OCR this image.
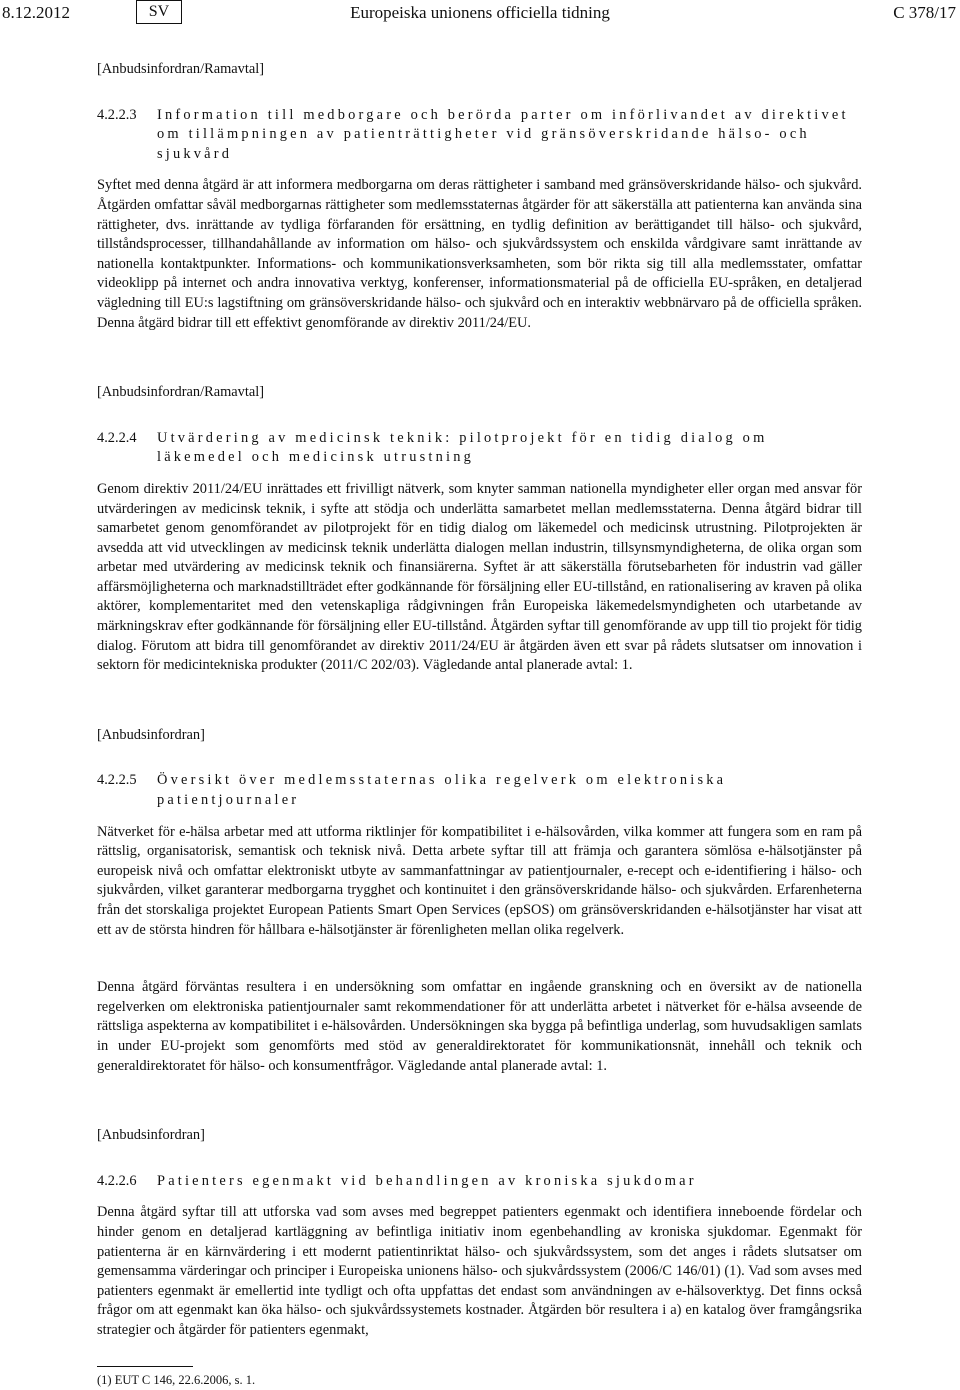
8.12.2012	SV	Europeiska unionens officiella tidning	C 378/17

[Anbudsinfordran/Ramavtal]

4.2.2.3	Information till medborgare och berörda parter om införlivandet av direktivet om tillämpningen av patienträttigheter vid gränsöverskridande hälso- och sjukvård

Syftet med denna åtgärd är att informera medborgarna om deras rättigheter i samband med gränsöverskridande hälso- och sjukvård. Åtgärden omfattar såväl medborgarnas rättigheter som medlemsstaternas åtgärder för att säkerställa att patienterna kan använda sina rättigheter, dvs. inrättande av tydliga förfaranden för ersättning, en tydlig definition av berättigandet till hälso- och sjukvård, tillståndsprocesser, tillhandahållande av information om hälso- och sjukvårdssystem och enskilda vårdgivare samt inrättande av nationella kontaktpunkter. Informations- och kommunikationsverksamheten, som bör rikta sig till alla medlemsstater, omfattar videoklipp på internet och andra innovativa verktyg, konferenser, informationsmaterial på de officiella EU-språken, en detaljerad vägledning till EU:s lagstiftning om gränsöverskridande hälso- och sjukvård och en interaktiv webbnärvaro på de officiella språken. Denna åtgärd bidrar till ett effektivt genomförande av direktiv 2011/24/EU.

[Anbudsinfordran/Ramavtal]

4.2.2.4	Utvärdering av medicinsk teknik: pilotprojekt för en tidig dialog om läkemedel och medicinsk utrustning

Genom direktiv 2011/24/EU inrättades ett frivilligt nätverk, som knyter samman nationella myndigheter eller organ med ansvar för utvärderingen av medicinsk teknik, i syfte att stödja och underlätta samarbetet mellan medlemsstaterna. Denna åtgärd bidrar till samarbetet genom genomförandet av pilotprojekt för en tidig dialog om läkemedel och medicinsk utrustning. Pilotprojekten är avsedda att vid utvecklingen av medicinsk teknik underlätta dialogen mellan industrin, tillsynsmyndigheterna, de olika organ som arbetar med utvärdering av medicinsk teknik och finansiärerna. Syftet är att säkerställa förutsebarheten för industrin vad gäller affärsmöjligheterna och marknadstillträdet efter godkännande för försäljning eller EU-tillstånd, en rationalisering av kraven på olika aktörer, komplementaritet med den vetenskapliga rådgivningen från Europeiska läkemedelsmyndigheten och utarbetande av märkningskrav efter godkännande för försäljning eller EU-tillstånd. Åtgärden syftar till genomförande av upp till tio projekt för tidig dialog. Förutom att bidra till genomförandet av direktiv 2011/24/EU är åtgärden även ett svar på rådets slutsatser om innovation i sektorn för medicintekniska produkter (2011/C 202/03). Vägledande antal planerade avtal: 1.

[Anbudsinfordran]

4.2.2.5	Översikt över medlemsstaternas olika regelverk om elektroniska patientjournaler

Nätverket för e-hälsa arbetar med att utforma riktlinjer för kompatibilitet i e-hälsovården, vilka kommer att fungera som en ram på rättslig, organisatorisk, semantisk och teknisk nivå. Detta arbete syftar till att främja och garantera sömlösa e-hälsotjänster på europeisk nivå och omfattar elektroniskt utbyte av sammanfattningar av patientjournaler, e-recept och e-identifiering i hälso- och sjukvården, vilket garanterar medborgarna trygghet och kontinuitet i den gränsöverskridande hälso- och sjukvården. Erfarenheterna från det storskaliga projektet European Patients Smart Open Services (epSOS) om gränsöverskridanden e-hälsotjänster har visat att ett av de största hindren för hållbara e-hälsotjänster är förenligheten mellan olika regelverk.

Denna åtgärd förväntas resultera i en undersökning som omfattar en ingående granskning och en översikt av de nationella regelverken om elektroniska patientjournaler samt rekommendationer för att underlätta arbetet i nätverket för e-hälsa avseende de rättsliga aspekterna av kompatibilitet i e-hälsovården. Undersökningen ska bygga på befintliga underlag, som huvudsakligen samlats in under EU-projekt som genomförts med stöd av generaldirektoratet för kommunikationsnät, innehåll och teknik och generaldirektoratet för hälso- och konsumentfrågor. Vägledande antal planerade avtal: 1.

[Anbudsinfordran]

4.2.2.6	Patienters egenmakt vid behandlingen av kroniska sjukdomar

Denna åtgärd syftar till att utforska vad som avses med begreppet patienters egenmakt och identifiera inneboende fördelar och hinder genom en detaljerad kartläggning av befintliga initiativ inom egenbehandling av kroniska sjukdomar. Egenmakt för patienterna är en kärnvärdering i ett modernt patientinriktat hälso- och sjukvårdssystem, som det anges i rådets slutsatser om gemensamma värderingar och principer i Europeiska unionens hälso- och sjukvårdssystem (2006/C 146/01) (1). Vad som avses med patienters egenmakt är emellertid inte tydligt och ofta uppfattas det endast som användningen av e-hälsoverktyg. Det finns också frågor om att egenmakt kan öka hälso- och sjukvårdssystemets kostnader. Åtgärden bör resultera i a) en katalog över framgångsrika strategier och åtgärder för patienters egenmakt,

(1) EUT C 146, 22.6.2006, s. 1.
